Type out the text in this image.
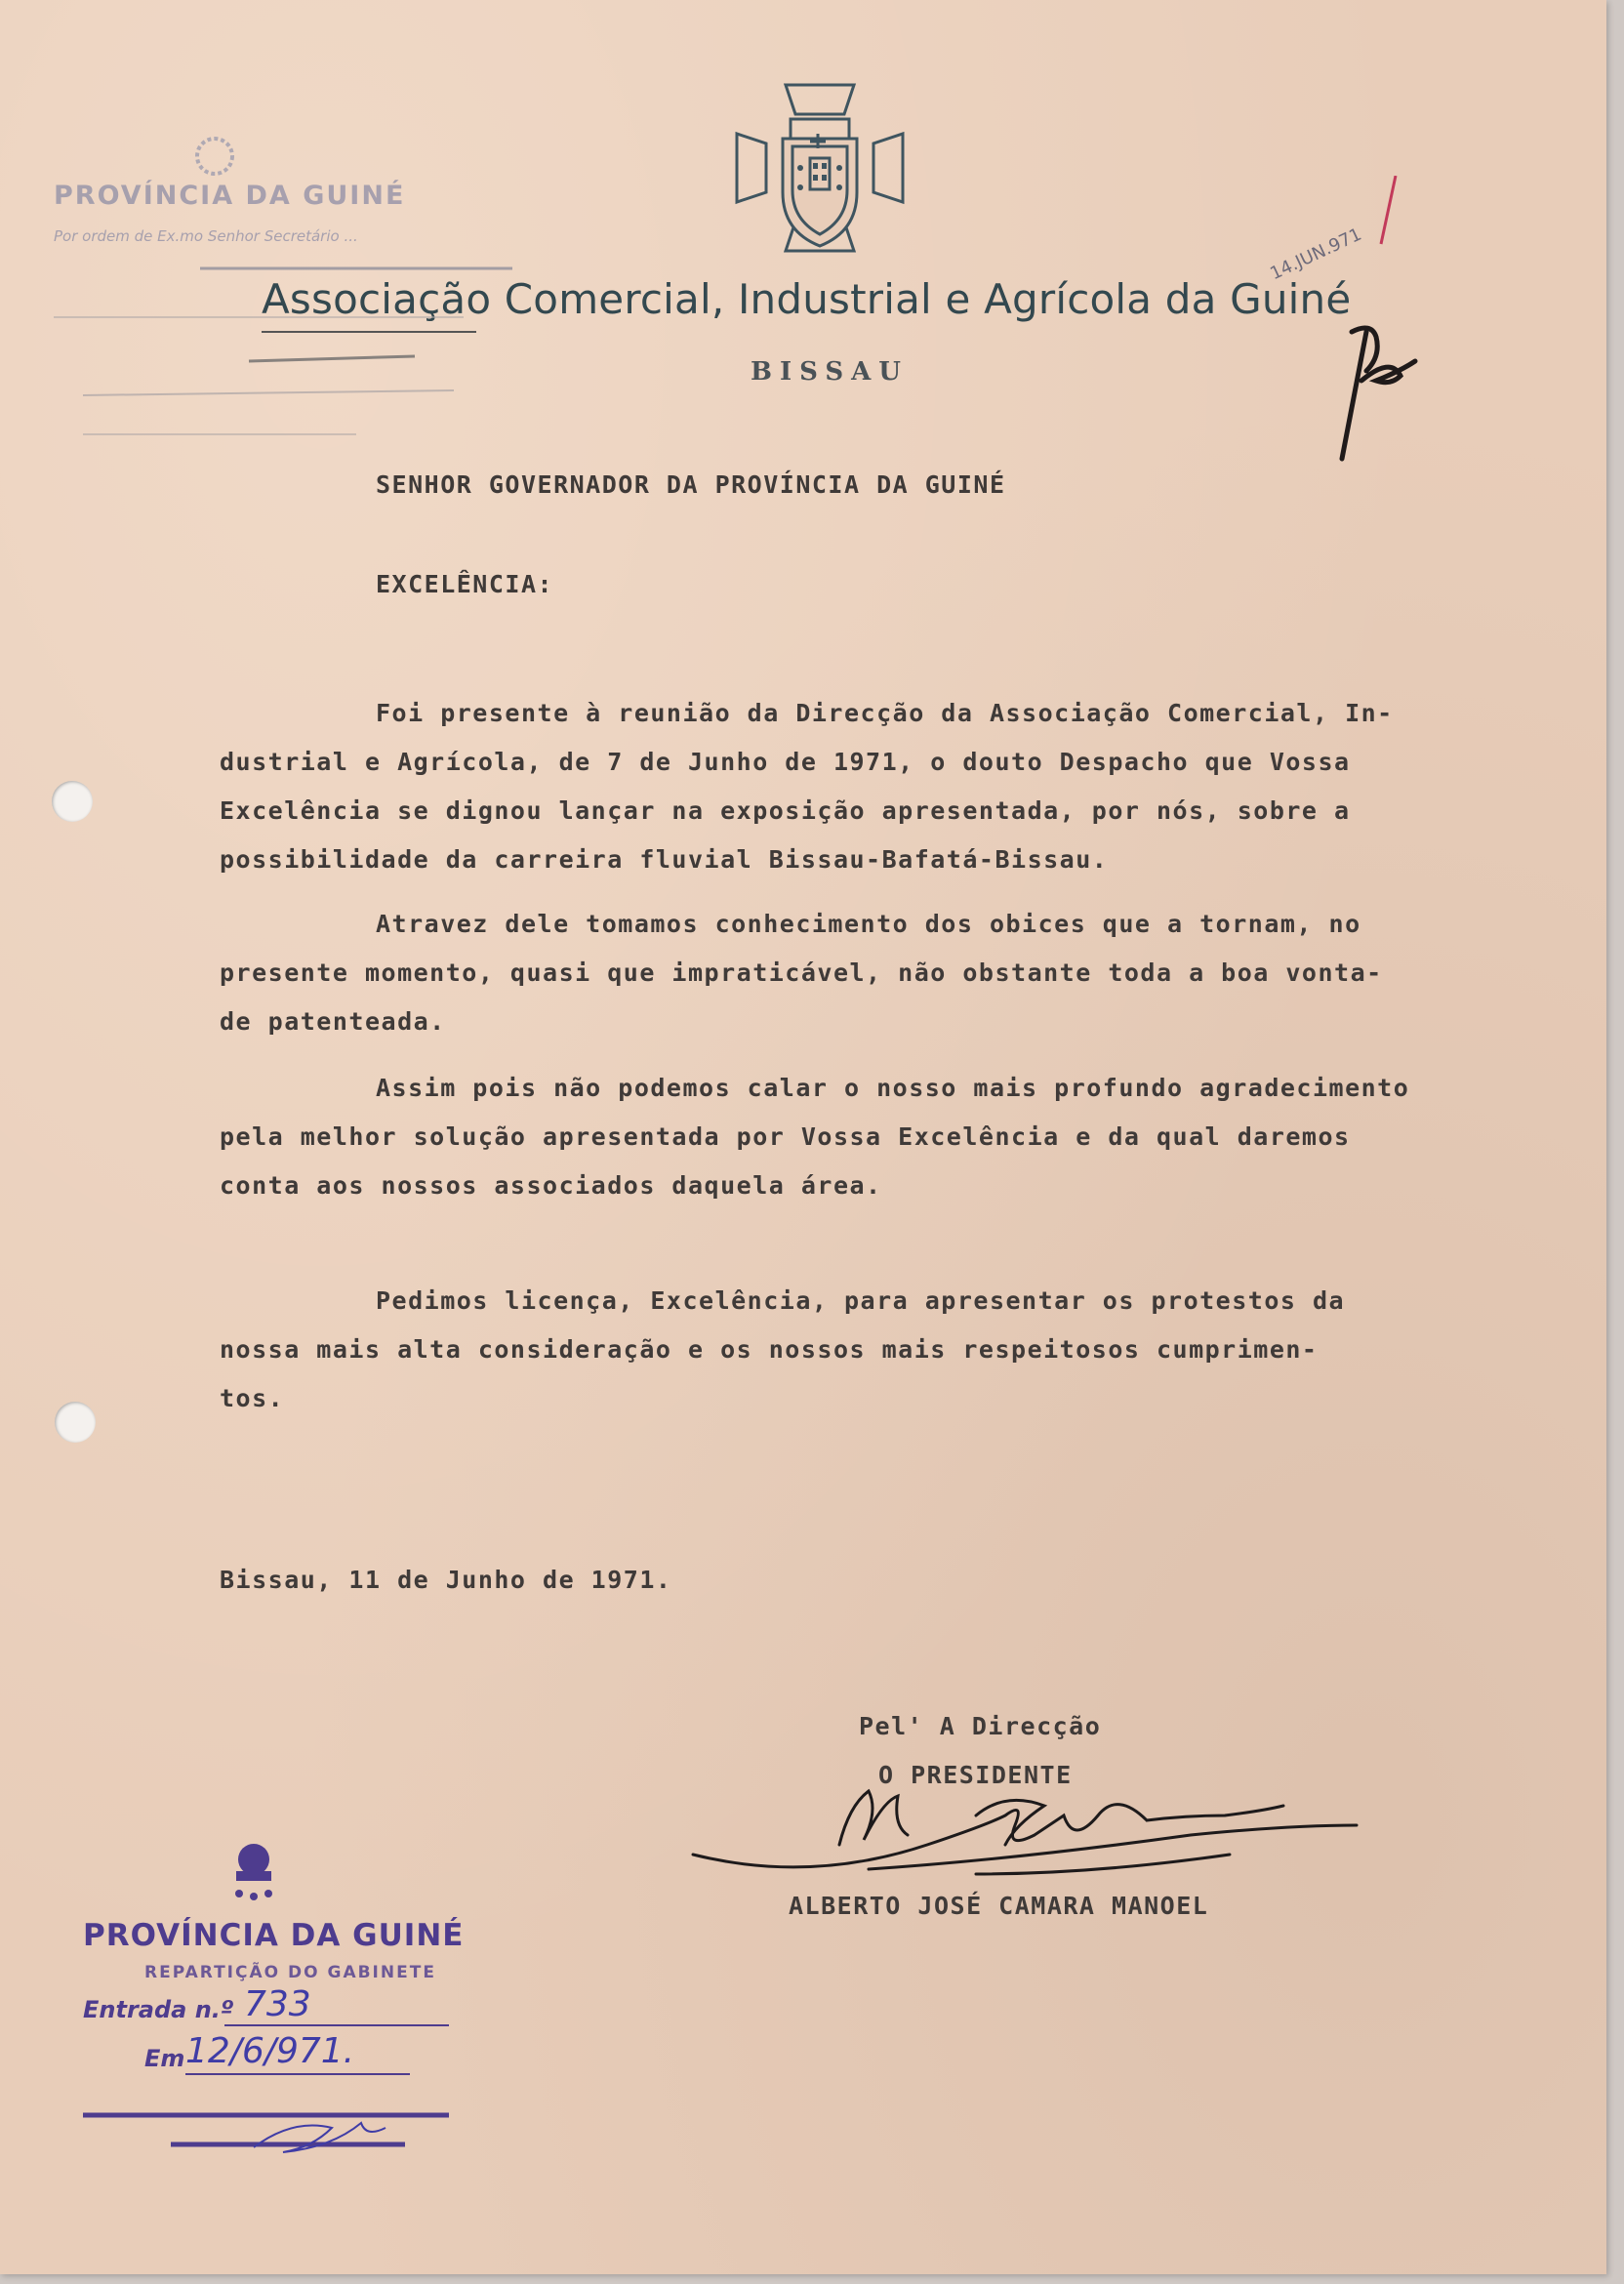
Associação Comercial, Industrial e Agrícola da Guiné
BISSAU
PROVÍNCIA DA GUINÉ
Por ordem de Ex.mo Senhor Secretário ...	14.JUN.971
SENHOR GOVERNADOR DA PROVÍNCIA DA GUINÉ
EXCELÊNCIA:
Foi presente à reunião da Direcção da Associação Comercial, In-
dustrial e Agrícola, de 7 de Junho de 1971, o douto Despacho que Vossa
Excelência se dignou lançar na exposição apresentada, por nós, sobre a
possibilidade da carreira fluvial Bissau-Bafatá-Bissau.
Atravez dele tomamos conhecimento dos obices que a tornam, no
presente momento, quasi que impraticável, não obstante toda a boa vonta-
de patenteada.
Assim pois não podemos calar o nosso mais profundo agradecimento
pela melhor solução apresentada por Vossa Excelência e da qual daremos
conta aos nossos associados daquela área.
Pedimos licença, Excelência, para apresentar os protestos da
nossa mais alta consideração e os nossos mais respeitosos cumprimen-
tos.
Bissau, 11 de Junho de 1971.
Pel' A Direcção
O PRESIDENTE
ALBERTO JOSÉ CAMARA MANOEL
PROVÍNCIA DA GUINÉ
REPARTIÇÃO DO GABINETE
Entrada n.º 733
Em 12/6/971.
